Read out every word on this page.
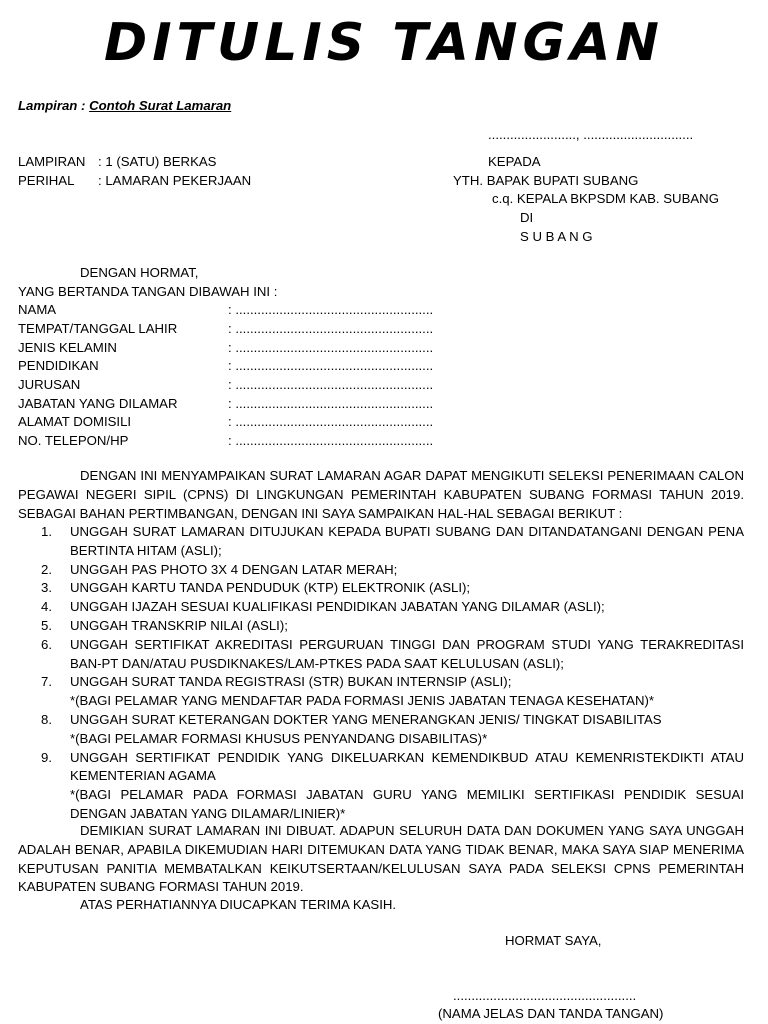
DITULIS TANGAN
Lampiran : Contoh Surat Lamaran
........................, ..............................
LAMPIRAN : 1 (SATU) BERKAS
PERIHAL : LAMARAN PEKERJAAN
KEPADA
YTH. BAPAK BUPATI SUBANG
c.q. KEPALA BKPSDM KAB. SUBANG
DI
S U B A N G
DENGAN HORMAT,
YANG BERTANDA TANGAN DIBAWAH INI :
NAMA	: ......................................................
TEMPAT/TANGGAL LAHIR	: ......................................................
JENIS KELAMIN	: ......................................................
PENDIDIKAN	: ......................................................
JURUSAN	: ......................................................
JABATAN YANG DILAMAR	: ......................................................
ALAMAT DOMISILI	: ......................................................
NO. TELEPON/HP	: ......................................................
DENGAN INI MENYAMPAIKAN SURAT LAMARAN AGAR DAPAT MENGIKUTI SELEKSI PENERIMAAN CALON PEGAWAI NEGERI SIPIL (CPNS) DI LINGKUNGAN PEMERINTAH KABUPATEN SUBANG FORMASI TAHUN 2019. SEBAGAI BAHAN PERTIMBANGAN, DENGAN INI SAYA SAMPAIKAN HAL-HAL SEBAGAI BERIKUT :
1. UNGGAH SURAT LAMARAN DITUJUKAN KEPADA BUPATI SUBANG DAN DITANDATANGANI DENGAN PENA BERTINTA HITAM (ASLI);
2. UNGGAH PAS PHOTO 3X 4 DENGAN LATAR MERAH;
3. UNGGAH KARTU TANDA PENDUDUK (KTP) ELEKTRONIK (ASLI);
4. UNGGAH IJAZAH SESUAI KUALIFIKASI PENDIDIKAN JABATAN YANG DILAMAR (ASLI);
5. UNGGAH TRANSKRIP NILAI (ASLI);
6. UNGGAH SERTIFIKAT AKREDITASI PERGURUAN TINGGI DAN PROGRAM STUDI YANG TERAKREDITASI BAN-PT DAN/ATAU PUSDIKNAKES/LAM-PTKES PADA SAAT KELULUSAN (ASLI);
7. UNGGAH SURAT TANDA REGISTRASI (STR) BUKAN INTERNSIP (ASLI);
*(BAGI PELAMAR YANG MENDAFTAR PADA FORMASI JENIS JABATAN TENAGA KESEHATAN)*
8. UNGGAH SURAT KETERANGAN DOKTER YANG MENERANGKAN JENIS/ TINGKAT DISABILITAS
*(BAGI PELAMAR FORMASI KHUSUS PENYANDANG DISABILITAS)*
9. UNGGAH SERTIFIKAT PENDIDIK YANG DIKELUARKAN KEMENDIKBUD ATAU KEMENRISTEKDIKTI ATAU KEMENTERIAN AGAMA
*(BAGI PELAMAR PADA FORMASI JABATAN GURU YANG MEMILIKI SERTIFIKASI PENDIDIK SESUAI DENGAN JABATAN YANG DILAMAR/LINIER)*
DEMIKIAN SURAT LAMARAN INI DIBUAT. ADAPUN SELURUH DATA DAN DOKUMEN YANG SAYA UNGGAH ADALAH BENAR, APABILA DIKEMUDIAN HARI DITEMUKAN DATA YANG TIDAK BENAR, MAKA SAYA SIAP MENERIMA KEPUTUSAN PANITIA MEMBATALKAN KEIKUTSERTAAN/KELULUSAN SAYA PADA SELEKSI CPNS PEMERINTAH KABUPATEN SUBANG FORMASI TAHUN 2019.
ATAS PERHATIANNYA DIUCAPKAN TERIMA KASIH.
HORMAT SAYA,
..................................................
(NAMA JELAS DAN TANDA TANGAN)
